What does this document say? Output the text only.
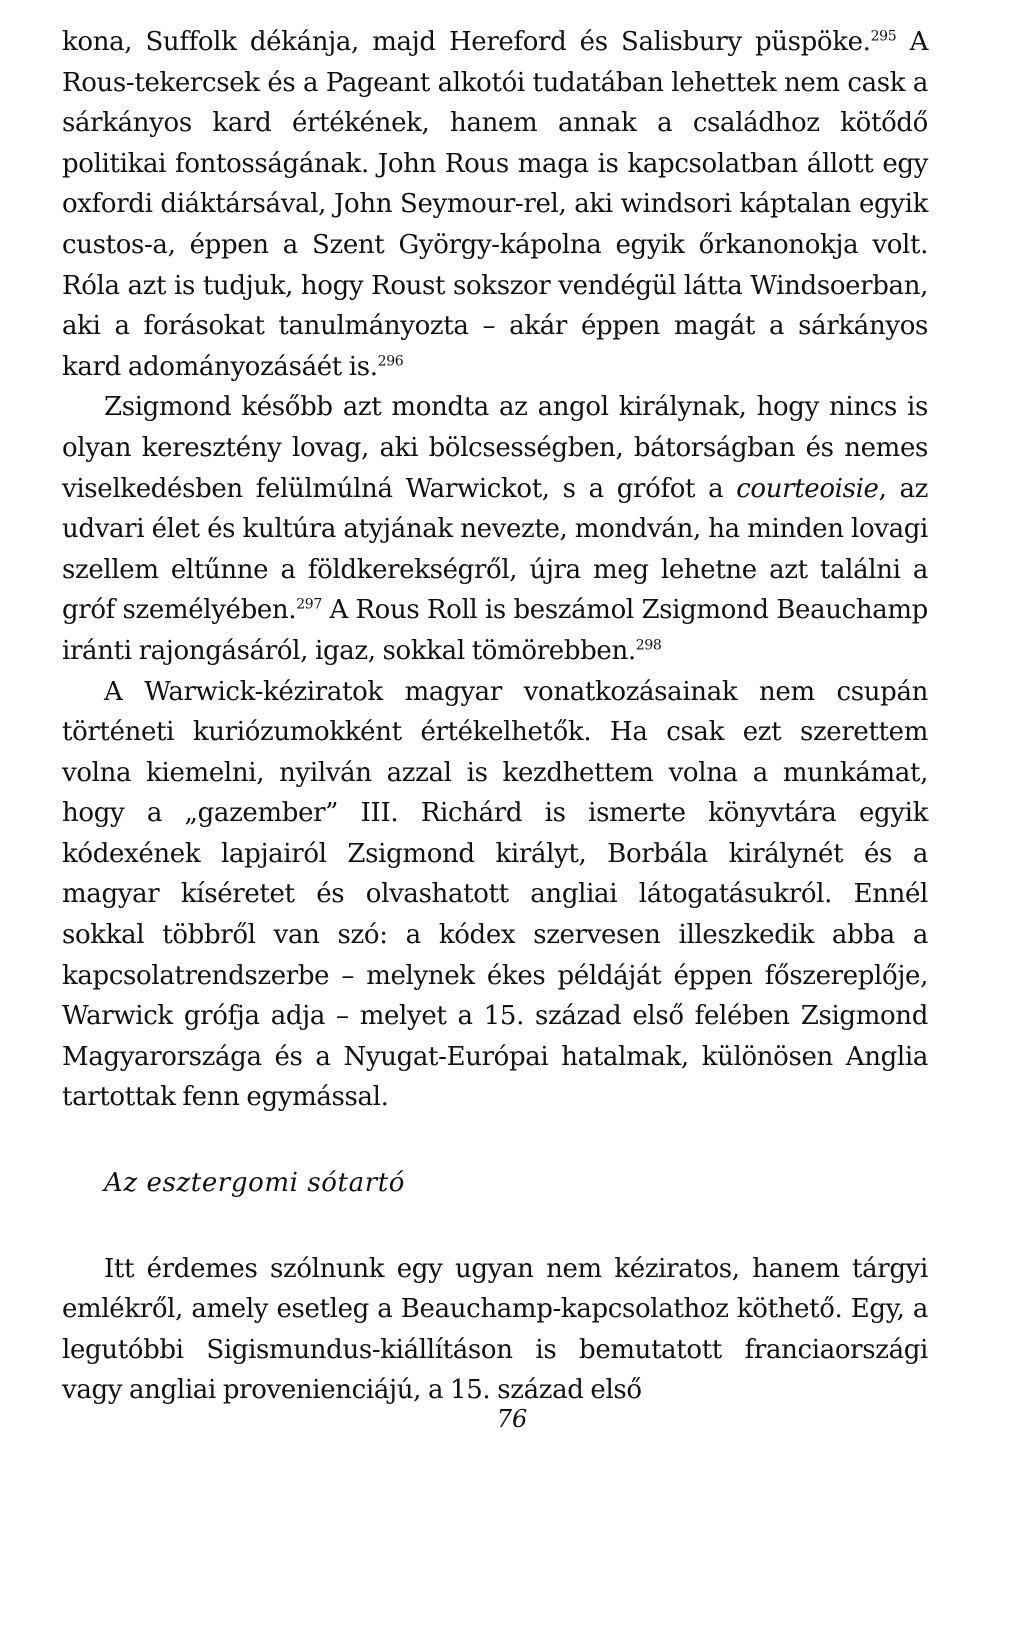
kona, Suffolk dékánja, majd Hereford és Salisbury püspöke.$^{295}$ A Rous-tekercsek és a Pageant alkotói tudatában lehettek nem cask a sárkányos kard értékének, hanem annak a családhoz kötődő politikai fontosságának. John Rous maga is kapcsolatban állott egy oxfordi diáktársával, John Seymour-rel, aki windsori káptalan egyik custos-a, éppen a Szent György-kápolna egyik őrkanonokja volt. Róla azt is tudjuk, hogy Roust sokszor vendégül látta Windsoerban, aki a forásokat tanulmányozta – akár éppen magát a sárkányos kard adományozásáét is.$^{296}$

Zsigmond később azt mondta az angol királynak, hogy nincs is olyan keresztény lovag, aki bölcsességben, bátorságban és nemes viselkedésben felülmúlná Warwickot, s a grófot a courteoisie, az udvari élet és kultúra atyjának nevezte, mondván, ha minden lovagi szellem eltűnne a földkerekségről, újra meg lehetne azt találni a gróf személyében.$^{297}$ A Rous Roll is beszámol Zsigmond Beauchamp iránti rajongásáról, igaz, sokkal tömörebben.$^{298}$

A Warwick-kéziratok magyar vonatkozásainak nem csupán történeti kuriózumokként értékelhetők. Ha csak ezt szerettem volna kiemelni, nyilván azzal is kezdhettem volna a munkámat, hogy a „gazember” III. Richárd is ismerte könyvtára egyik kódexének lapjairól Zsigmond királyt, Borbála királynét és a magyar kíséretet és olvashatott angliai látogatásukról. Ennél sokkal többről van szó: a kódex szervesen illeszkedik abba a kapcsolatrendszerbe – melynek ékes példáját éppen főszereplője, Warwick grófja adja – melyet a 15. század első felében Zsigmond Magyarországa és a Nyugat-Európai hatalmak, különösen Anglia tartottak fenn egymással.

Az esztergomi sótartó

Itt érdemes szólnunk egy ugyan nem kéziratos, hanem tárgyi emlékről, amely esetleg a Beauchamp-kapcsolathoz köthető. Egy, a legutóbbi Sigismundus-kiállításon is bemutatott franciaországi vagy angliai provenienciájú, a 15. század első

76
